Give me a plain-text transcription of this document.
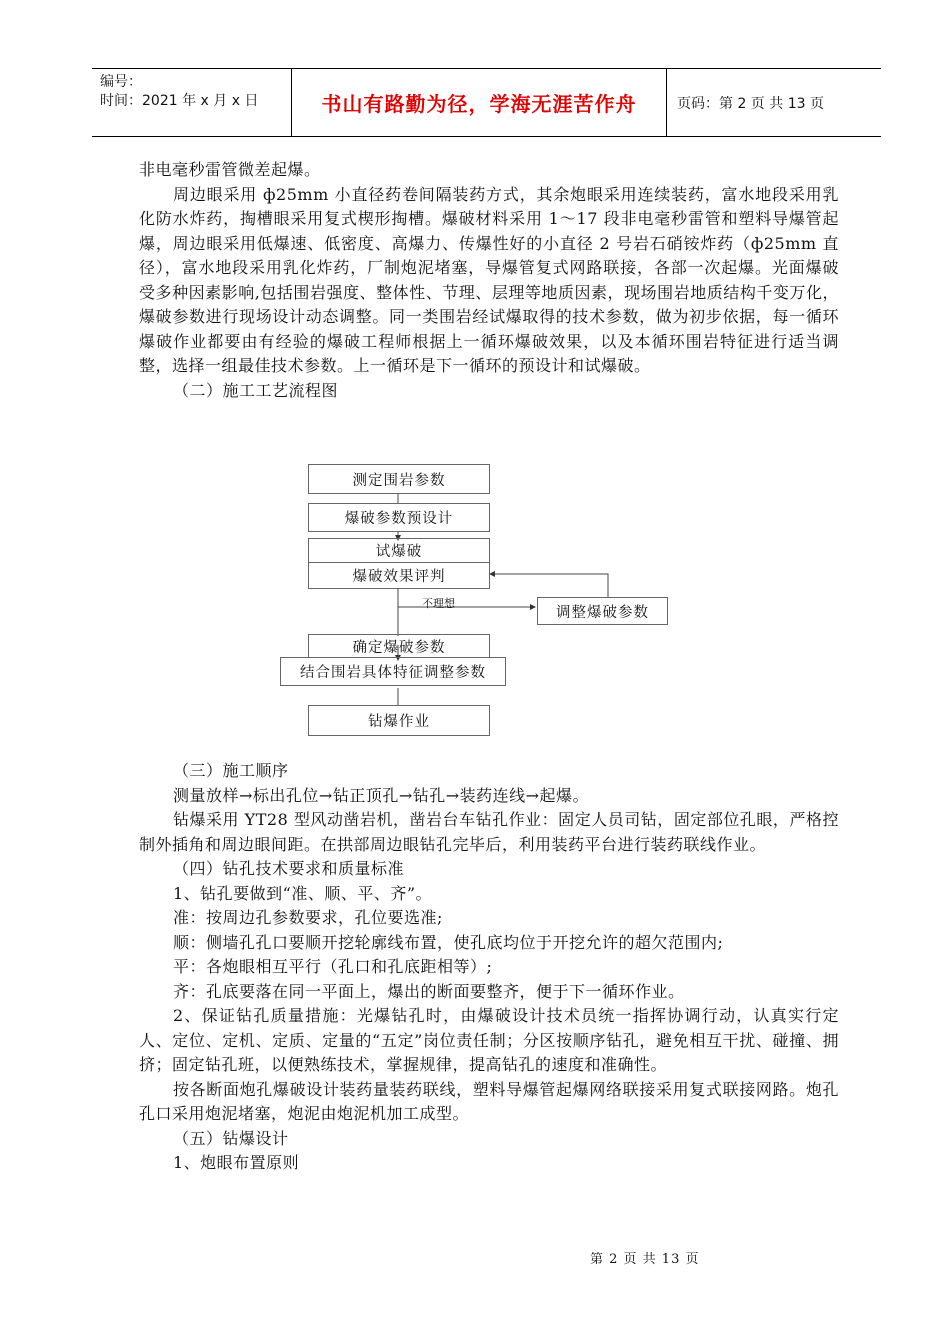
编号：
时间：2021 年 x 月 x 日	书山有路勤为径，学海无涯苦作舟	页码：第 2 页 共 13 页

非电毫秒雷管微差起爆。

周边眼采用 ф25mm 小直径药卷间隔装药方式，其余炮眼采用连续装药，富水地段采用乳化防水炸药，掏槽眼采用复式楔形掏槽。爆破材料采用 1～17 段非电毫秒雷管和塑料导爆管起爆，周边眼采用低爆速、低密度、高爆力、传爆性好的小直径 2 号岩石硝铵炸药（ф25mm 直径），富水地段采用乳化炸药，厂制炮泥堵塞，导爆管复式网路联接，各部一次起爆。光面爆破受多种因素影响,包括围岩强度、整体性、节理、层理等地质因素，现场围岩地质结构千变万化，爆破参数进行现场设计动态调整。同一类围岩经试爆取得的技术参数，做为初步依据，每一循环爆破作业都要由有经验的爆破工程师根据上一循环爆破效果，以及本循环围岩特征进行适当调整，选择一组最佳技术参数。上一循环是下一循环的预设计和试爆破。

（二）施工工艺流程图

测定围岩参数
爆破参数预设计
试爆破
爆破效果评判
不理想
调整爆破参数
确定爆破参数
结合围岩具体特征调整参数
钻爆作业

（三）施工顺序

测量放样→标出孔位→钻正顶孔→钻孔→装药连线→起爆。

钻爆采用 YT28 型风动凿岩机，凿岩台车钻孔作业：固定人员司钻，固定部位孔眼，严格控制外插角和周边眼间距。在拱部周边眼钻孔完毕后，利用装药平台进行装药联线作业。

（四）钻孔技术要求和质量标准

1、钻孔要做到“准、顺、平、齐”。

准：按周边孔参数要求，孔位要选准;

顺：侧墙孔孔口要顺开挖轮廓线布置，使孔底均位于开挖允许的超欠范围内;

平：各炮眼相互平行（孔口和孔底距相等）;

齐：孔底要落在同一平面上，爆出的断面要整齐，便于下一循环作业。

2、保证钻孔质量措施：光爆钻孔时，由爆破设计技术员统一指挥协调行动，认真实行定人、定位、定机、定质、定量的“五定”岗位责任制；分区按顺序钻孔，避免相互干扰、碰撞、拥挤；固定钻孔班，以便熟练技术，掌握规律，提高钻孔的速度和准确性。

按各断面炮孔爆破设计装药量装药联线，塑料导爆管起爆网络联接采用复式联接网路。炮孔孔口采用炮泥堵塞，炮泥由炮泥机加工成型。

（五）钻爆设计

1、炮眼布置原则

第 2 页 共 13 页
